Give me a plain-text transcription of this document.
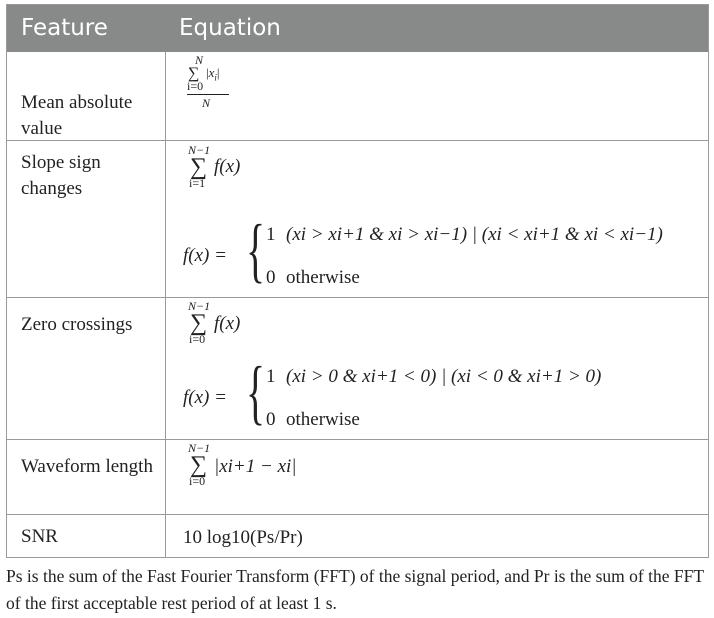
Feature	Equation
Mean absolute value
N
∑ $|x_i|$
i=0
N
Slope sign changes
N−1
∑
i=1
f(x)
f(x) = { 1 (xi > xi+1 & xi > xi−1) | (xi < xi+1 & xi < xi−1)
0 otherwise
Zero crossings
N−1
∑
i=0
f(x)
f(x) = { 1 (xi > 0 & xi+1 < 0) | (xi < 0 & xi+1 > 0)
0 otherwise
Waveform length
N−1
∑
i=0
|xi+1 − xi|
SNR	10 log10(Ps/Pr)
Ps is the sum of the Fast Fourier Transform (FFT) of the signal period, and Pr is the sum of the FFT of the first acceptable rest period of at least 1 s.
